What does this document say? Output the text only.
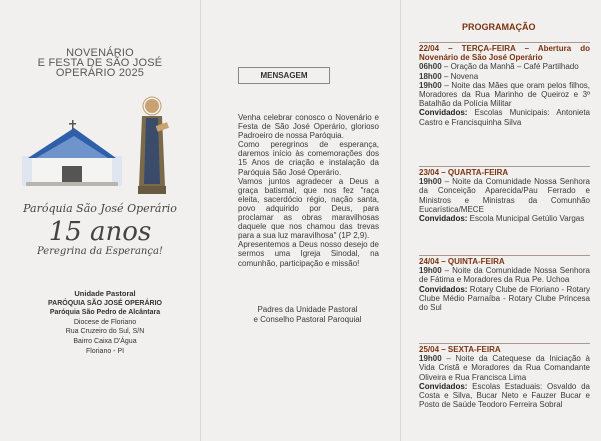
NOVENÁRIO
E FESTA DE SÃO JOSÉ
OPERÁRIO 2025
Paróquia São José Operário
15 anos
Peregrina da Esperança!
Unidade Pastoral
PARÓQUIA SÃO JOSÉ OPERÁRIO
Paróquia São Pedro de Alcântara
Diocese de Floriano
Rua Cruzeiro do Sul, S/N
Bairro Caixa D'Água
Floriano - PI
MENSAGEM

Venha celebrar conosco o Novenário e Festa de São José Operário, glorioso Padroeiro de nossa Paróquia.

Como peregrinos de esperança, daremos início às comemorações dos 15 Anos de criação e instalação da Paróquia São José Operário.

Vamos juntos agradecer a Deus a graça batismal, que nos fez "raça eleita, sacerdócio régio, nação santa, povo adquirido por Deus, para proclamar as obras maravilhosas daquele que nos chamou das trevas para a sua luz maravilhosa" (1P 2,9).

Apresentemos a Deus nosso desejo de sermos uma Igreja Sinodal, na comunhão, participação e missão!

Padres da Unidade Pastoral
e Conselho Pastoral Paroquial
PROGRAMAÇÃO

22/04 – TERÇA-FEIRA – Abertura do Novenário de São José Operário

06h00 – Oração da Manhã – Café Partilhado

18h00 – Novena

19h00 – Noite das Mães que oram pelos filhos, Moradores da Rua Marinho de Queiroz e 3º Batalhão da Polícia Militar

Convidados: Escolas Municipais: Antonieta Castro e Francisquinha Silva

23/04 – QUARTA-FEIRA

19h00 – Noite da Comunidade Nossa Senhora da Conceição Aparecida/Pau Ferrado e Ministros e Ministras da Comunhão Eucarística/MECE

Convidados: Escola Municipal Getúlio Vargas

24/04 – QUINTA-FEIRA

19h00 – Noite da Comunidade Nossa Senhora de Fátima e Moradores da Rua Pe. Uchoa

Convidados: Rotary Clube de Floriano - Rotary Clube Médio Parnaíba - Rotary Clube Princesa do Sul

25/04 – SEXTA-FEIRA

19h00 – Noite da Catequese da Iniciação à Vida Cristã e Moradores da Rua Comandante Oliveira e Rua Francisca Lima

Convidados: Escolas Estaduais: Osvaldo da Costa e Silva, Bucar Neto e Fauzer Bucar e Posto de Saúde Teodoro Ferreira Sobral
